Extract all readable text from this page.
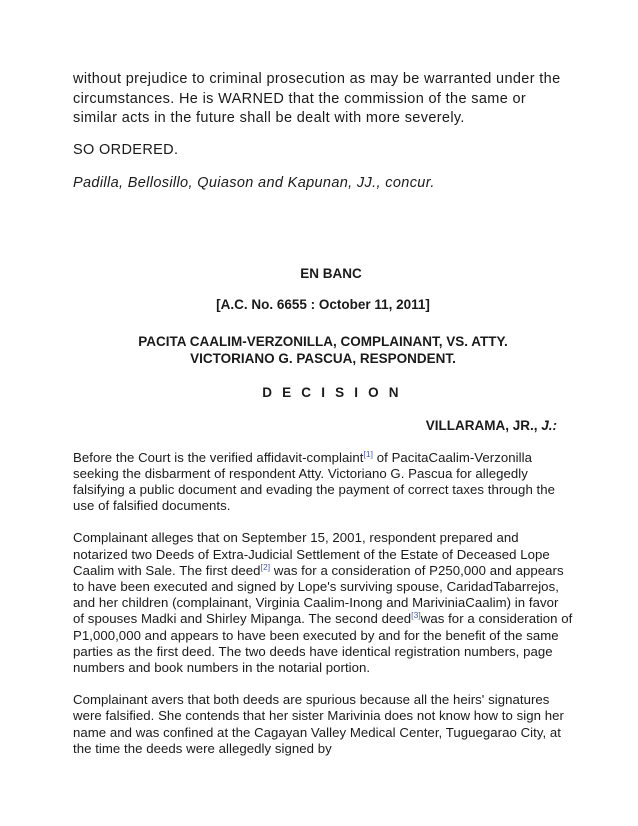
without prejudice to criminal prosecution as may be warranted under the circumstances. He is WARNED that the commission of the same or similar acts in the future shall be dealt with more severely.

SO ORDERED.

Padilla, Bellosillo, Quiason and Kapunan, JJ., concur.

EN BANC

[A.C. No. 6655 : October 11, 2011]

PACITA CAALIM-VERZONILLA, COMPLAINANT, VS. ATTY.
VICTORIANO G. PASCUA, RESPONDENT.

D E C I S I O N

VILLARAMA, JR., J.:

Before the Court is the verified affidavit-complaint[1] of PacitaCaalim-Verzonilla seeking the disbarment of respondent Atty. Victoriano G. Pascua for allegedly falsifying a public document and evading the payment of correct taxes through the use of falsified documents.

Complainant alleges that on September 15, 2001, respondent prepared and notarized two Deeds of Extra-Judicial Settlement of the Estate of Deceased Lope Caalim with Sale. The first deed[2] was for a consideration of P250,000 and appears to have been executed and signed by Lope's surviving spouse, CaridadTabarrejos, and her children (complainant, Virginia Caalim-Inong and MariviniaCaalim) in favor of spouses Madki and Shirley Mipanga. The second deed[3]was for a consideration of P1,000,000 and appears to have been executed by and for the benefit of the same parties as the first deed. The two deeds have identical registration numbers, page numbers and book numbers in the notarial portion.

Complainant avers that both deeds are spurious because all the heirs' signatures were falsified. She contends that her sister Marivinia does not know how to sign her name and was confined at the Cagayan Valley Medical Center, Tuguegarao City, at the time the deeds were allegedly signed by
